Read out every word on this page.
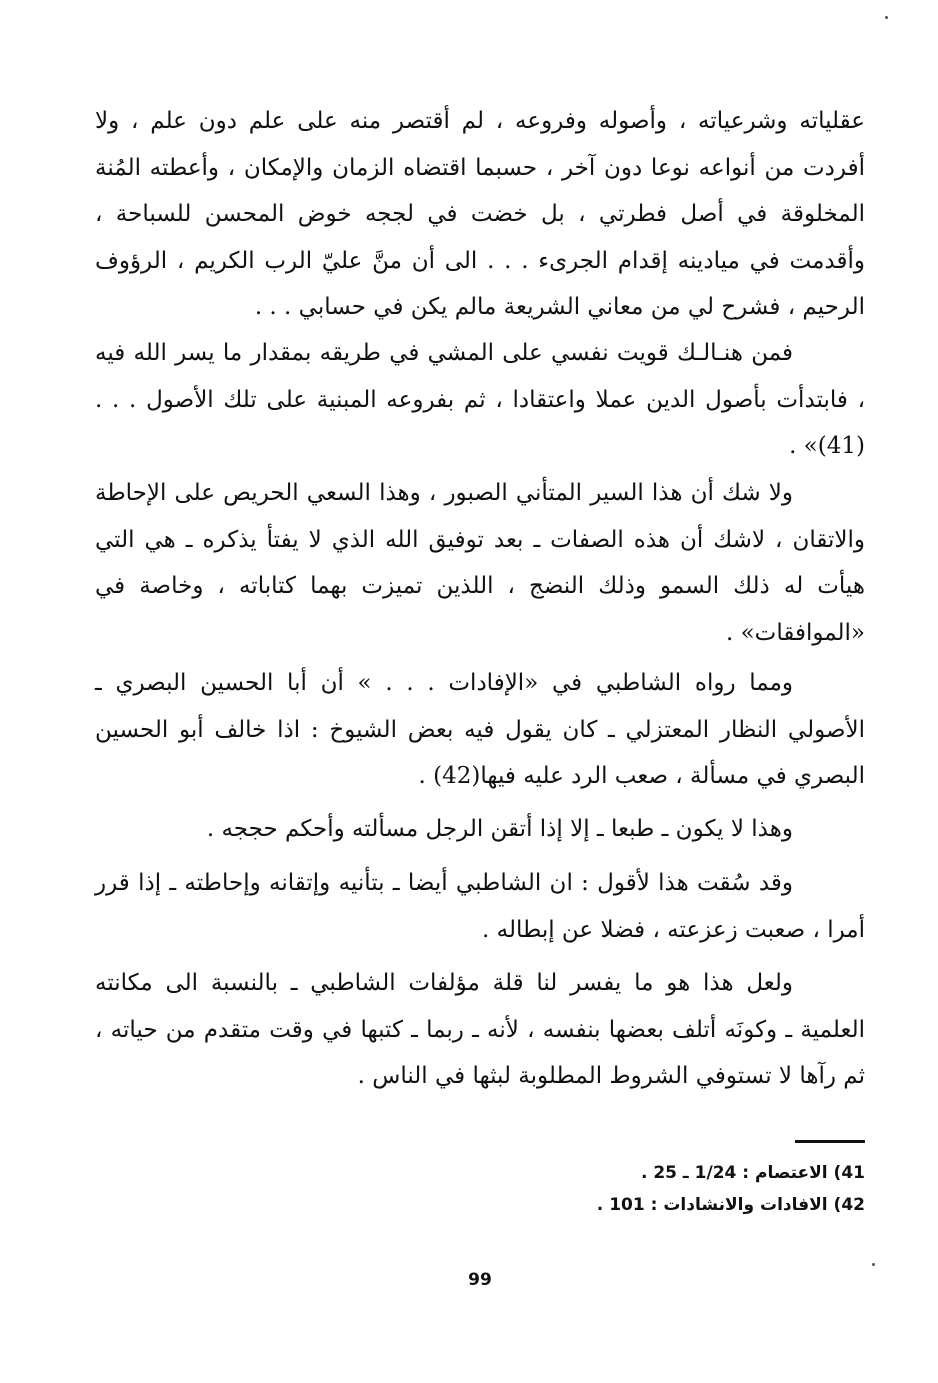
عقلياته وشرعياته ، وأصوله وفروعه ، لم أقتصر منه على علم دون علم ، ولا أفردت من أنواعه نوعا دون آخر ، حسبما اقتضاه الزمان والإمكان ، وأعطته المُنة المخلوقة في أصل فطرتي ، بل خضت في لججه خوض المحسن للسباحة ، وأقدمت في ميادينه إقدام الجرىء . . . الى أن منَّ عليّ الرب الكريم ، الرؤوف الرحيم ، فشرح لي من معاني الشريعة مالم يكن في حسابي . . .

فمن هنـالـك قويت نفسي على المشي في طريقه بمقدار ما يسر الله فيه ، فابتدأت بأصول الدين عملا واعتقادا ، ثم بفروعه المبنية على تلك الأصول . . . (41)» .

ولا شك أن هذا السير المتأني الصبور ، وهذا السعي الحريص على الإحاطة والاتقان ، لاشك أن هذه الصفات ـ بعد توفيق الله الذي لا يفتأ يذكره ـ هي التي هيأت له ذلك السمو وذلك النضج ، اللذين تميزت بهما كتاباته ، وخاصة في «الموافقات» .

ومما رواه الشاطبي في «الإفادات . . . » أن أبا الحسين البصري ـ الأصولي النظار المعتزلي ـ كان يقول فيه بعض الشيوخ : اذا خالف أبو الحسين البصري في مسألة ، صعب الرد عليه فيها(42) .

وهذا لا يكون ـ طبعا ـ إلا إذا أتقن الرجل مسألته وأحكم حججه .

وقد سُقت هذا لأقول : ان الشاطبي أيضا ـ بتأنيه وإتقانه وإحاطته ـ إذا قرر أمرا ، صعبت زعزعته ، فضلا عن إبطاله .

ولعل هذا هو ما يفسر لنا قلة مؤلفات الشاطبي ـ بالنسبة الى مكانته العلمية ـ وكونَه أتلف بعضها بنفسه ، لأنه ـ ربما ـ كتبها في وقت متقدم من حياته ، ثم رآها لا تستوفي الشروط المطلوبة لبثها في الناس .

41) الاعتصام : 1/24 ـ 25 .
42) الافادات والانشادات : 101 .
99
